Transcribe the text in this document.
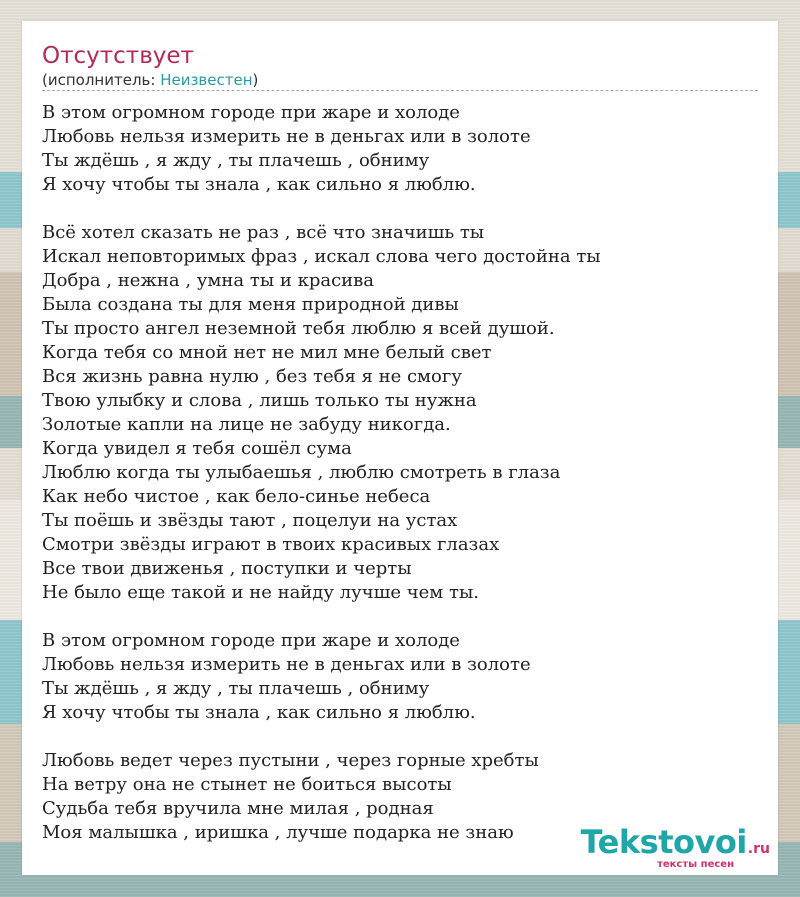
Отсутствует
(исполнитель: Неизвестен)
В этом огромном городе при жаре и холоде
Любовь нельзя измерить не в деньгах или в золоте
Ты ждёшь , я жду , ты плачешь , обниму
Я хочу чтобы ты знала , как сильно я люблю.
Всё хотел сказать не раз , всё что значишь ты
Искал неповторимых фраз , искал слова чего достойна ты
Добра , нежна , умна ты и красива
Была создана ты для меня природной дивы
Ты просто ангел неземной тебя люблю я всей душой.
Когда тебя со мной нет не мил мне белый свет
Вся жизнь равна нулю , без тебя я не смогу
Твою улыбку и слова , лишь только ты нужна
Золотые капли на лице не забуду никогда.
Когда увидел я тебя сошёл сума
Люблю когда ты улыбаешья , люблю смотреть в глаза
Как небо чистое , как бело-синье небеса
Ты поёшь и звёзды тают , поцелуи на устах
Смотри звёзды играют в твоих красивых глазах
Все твои движенья , поступки и черты
Не было еще такой и не найду лучше чем ты.
В этом огромном городе при жаре и холоде
Любовь нельзя измерить не в деньгах или в золоте
Ты ждёшь , я жду , ты плачешь , обниму
Я хочу чтобы ты знала , как сильно я люблю.
Любовь ведет через пустыни , через горные хребты
На ветру она не стынет не боиться высоты
Судьба тебя вручила мне милая , родная
Моя малышка , иришка , лучше подарка не знаю	Tekstovoi.ru
тексты песен
